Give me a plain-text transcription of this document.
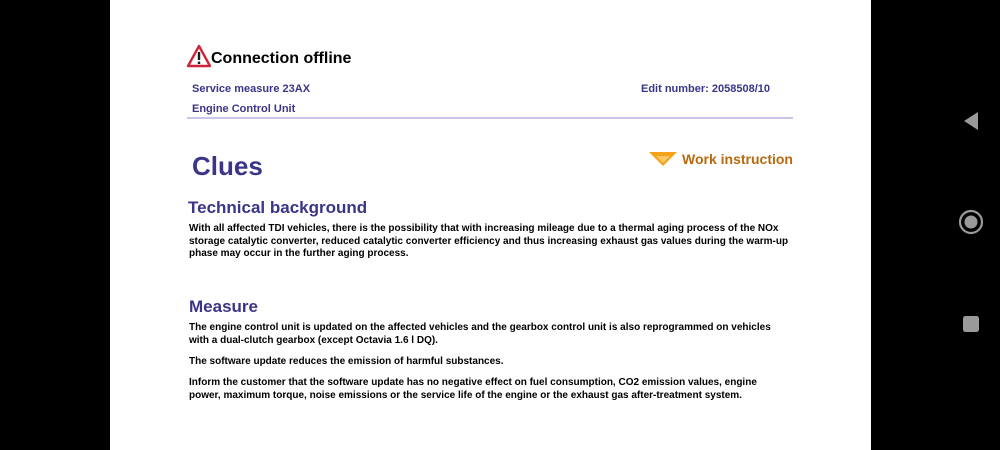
Connection offline
Service measure 23AX
Engine Control Unit
Edit number: 2058508/10
Clues	Work instruction
Technical background
With all affected TDI vehicles, there is the possibility that with increasing mileage due to a thermal aging process of the NOx storage catalytic converter, reduced catalytic converter efficiency and thus increasing exhaust gas values during the warm-up phase may occur in the further aging process.
Measure
The engine control unit is updated on the affected vehicles and the gearbox control unit is also reprogrammed on vehicles with a dual-clutch gearbox (except Octavia 1.6 l DQ).
The software update reduces the emission of harmful substances.
Inform the customer that the software update has no negative effect on fuel consumption, CO2 emission values, engine power, maximum torque, noise emissions or the service life of the engine or the exhaust gas after-treatment system.
